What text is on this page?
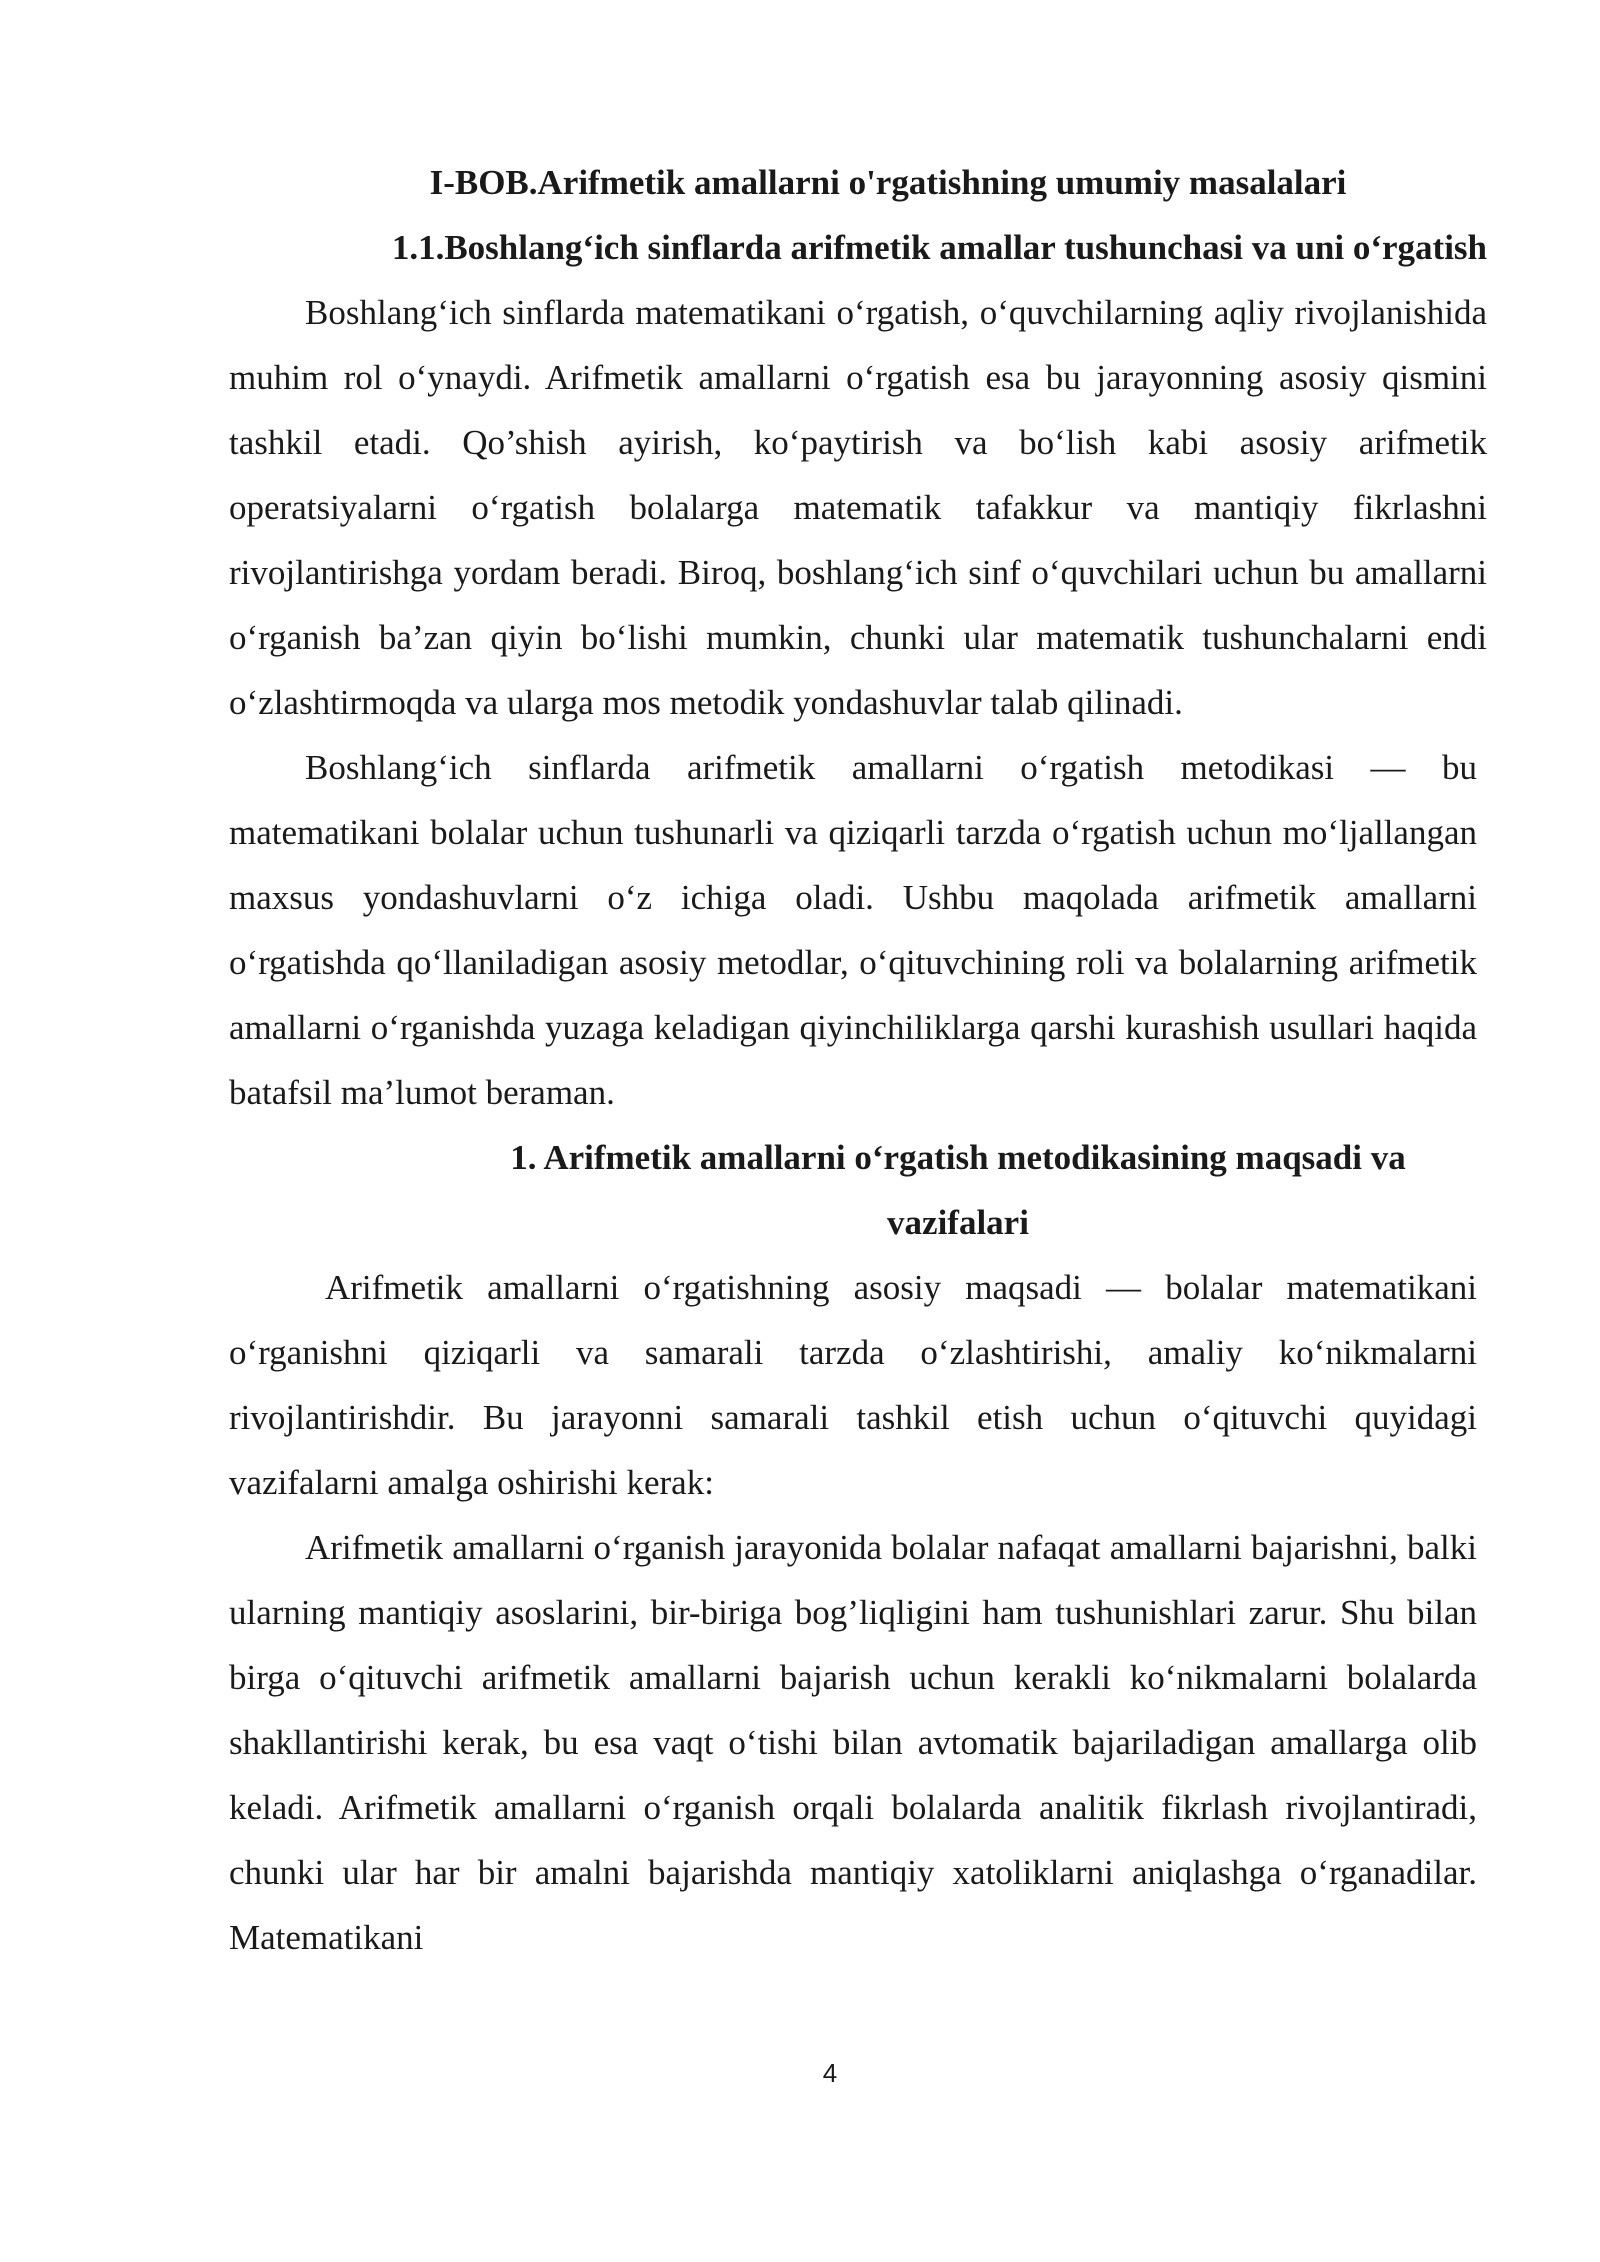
I-BOB.Arifmetik amallarni o'rgatishning umumiy masalalari

1.1.Boshlang‘ich sinflarda arifmetik amallar tushunchasi va uni o‘rgatish

Boshlang‘ich sinflarda matematikani o‘rgatish, o‘quvchilarning aqliy rivojlanishida muhim rol o‘ynaydi. Arifmetik amallarni o‘rgatish esa bu jarayonning asosiy qismini tashkil etadi. Qo’shish ayirish, ko‘paytirish va bo‘lish kabi asosiy arifmetik operatsiyalarni o‘rgatish bolalarga matematik tafakkur va mantiqiy fikrlashni rivojlantirishga yordam beradi. Biroq, boshlang‘ich sinf o‘quvchilari uchun bu amallarni o‘rganish ba’zan qiyin bo‘lishi mumkin, chunki ular matematik tushunchalarni endi o‘zlashtirmoqda va ularga mos metodik yondashuvlar talab qilinadi.

Boshlang‘ich sinflarda arifmetik amallarni o‘rgatish metodikasi — bu matematikani bolalar uchun tushunarli va qiziqarli tarzda o‘rgatish uchun mo‘ljallangan maxsus yondashuvlarni o‘z ichiga oladi. Ushbu maqolada arifmetik amallarni o‘rgatishda qo‘llaniladigan asosiy metodlar, o‘qituvchining roli va bolalarning arifmetik amallarni o‘rganishda yuzaga keladigan qiyinchiliklarga qarshi kurashish usullari haqida batafsil ma’lumot beraman.

1. Arifmetik amallarni o‘rgatish metodikasining maqsadi va vazifalari

Arifmetik amallarni o‘rgatishning asosiy maqsadi — bolalar matematikani o‘rganishni qiziqarli va samarali tarzda o‘zlashtirishi, amaliy ko‘nikmalarni rivojlantirishdir. Bu jarayonni samarali tashkil etish uchun o‘qituvchi quyidagi vazifalarni amalga oshirishi kerak:

Arifmetik amallarni o‘rganish jarayonida bolalar nafaqat amallarni bajarishni, balki ularning mantiqiy asoslarini, bir-biriga bog’liqligini ham tushunishlari zarur. Shu bilan birga o‘qituvchi arifmetik amallarni bajarish uchun kerakli ko‘nikmalarni bolalarda shakllantirishi kerak, bu esa vaqt o‘tishi bilan avtomatik bajariladigan amallarga olib keladi. Arifmetik amallarni o‘rganish orqali bolalarda analitik fikrlash rivojlantiradi, chunki ular har bir amalni bajarishda mantiqiy xatoliklarni aniqlashga o‘rganadilar. Matematikani

4
